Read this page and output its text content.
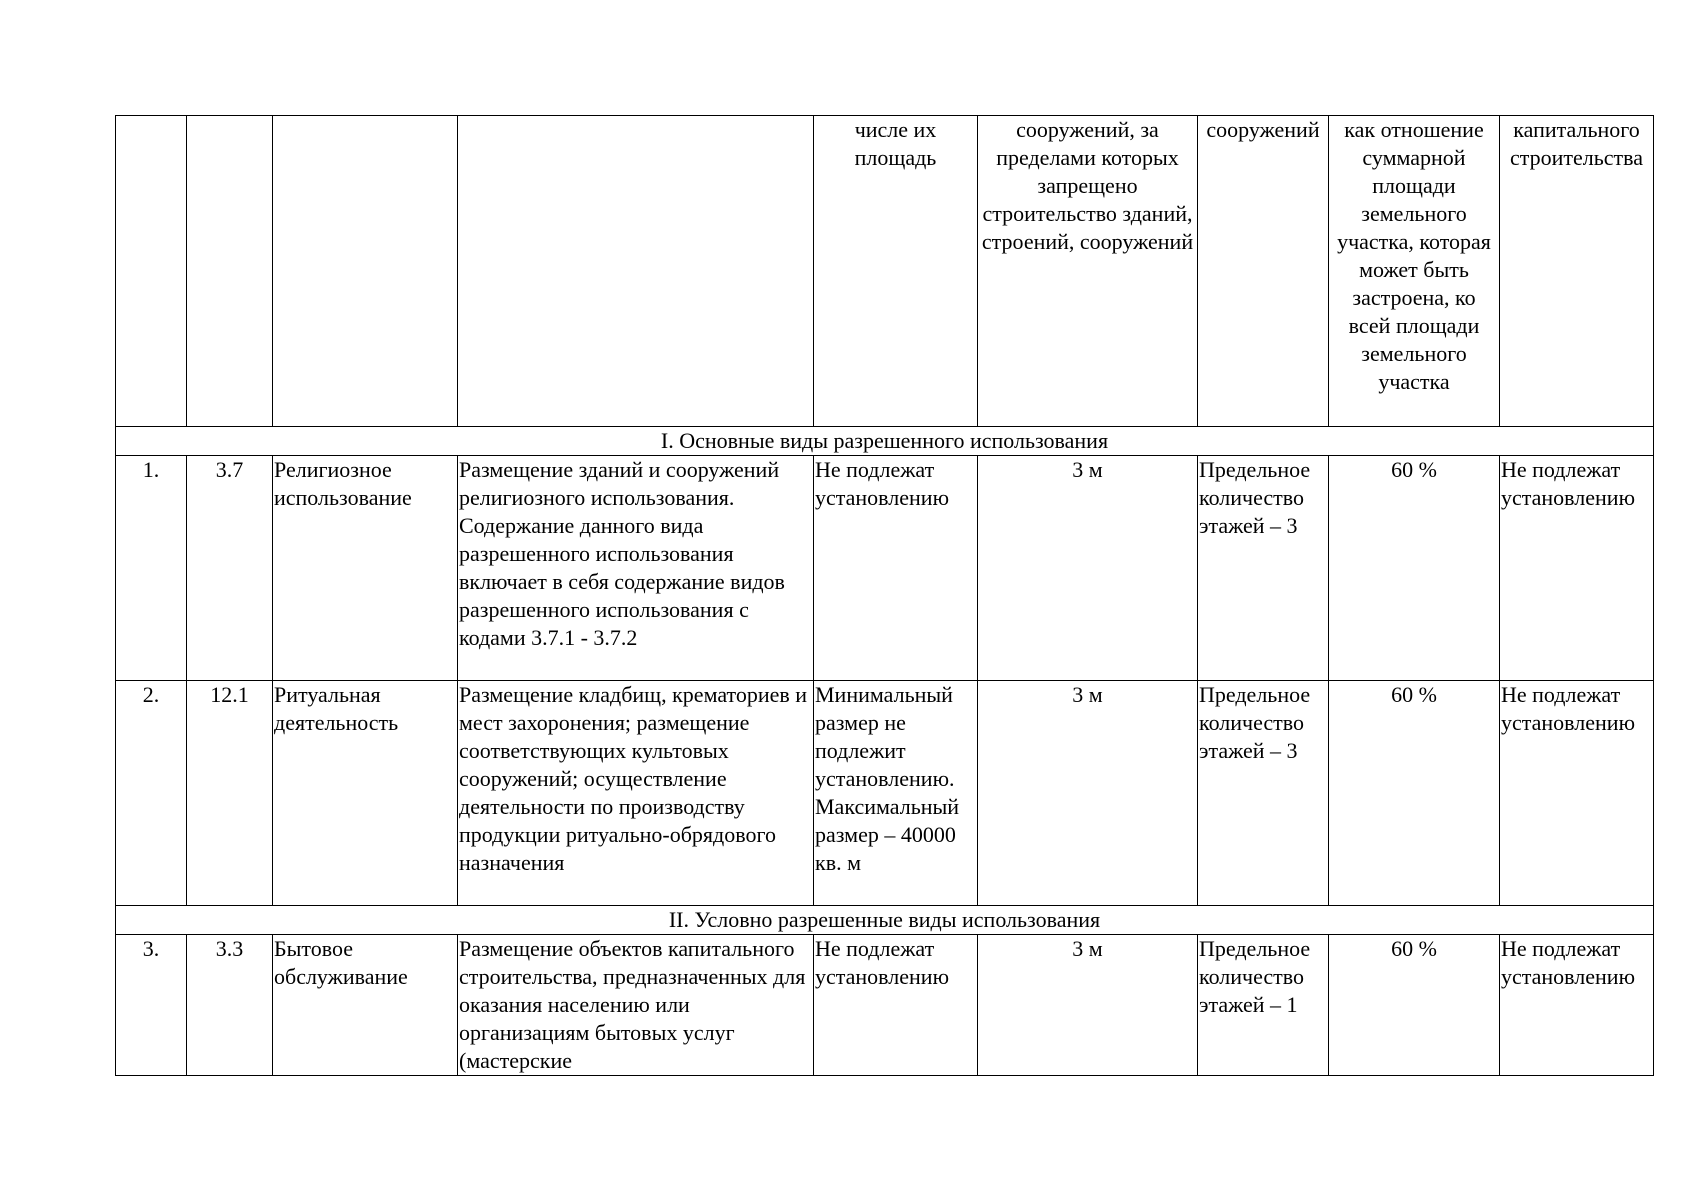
				числе их площадь	сооружений, за пределами которых запрещено строительство зданий, строений, сооружений	сооружений	как отношение суммарной площади земельного участка, которая может быть застроена, ко всей площади земельного участка	капитального строительства
I. Основные виды разрешенного использования								
1.	3.7	Религиозное использование	Размещение зданий и сооружений религиозного использования. Содержание данного вида разрешенного использования включает в себя содержание видов разрешенного использования с кодами 3.7.1 - 3.7.2	Не подлежат установлению	3 м	Предельное количество этажей – 3	60 %	Не подлежат установлению
2.	12.1	Ритуальная деятельность	Размещение кладбищ, крематориев и мест захоронения; размещение соответствующих культовых сооружений; осуществление деятельности по производству продукции ритуально-обрядового назначения	Минимальный размер не подлежит установлению. Максимальный размер – 40000 кв. м	3 м	Предельное количество этажей – 3	60 %	Не подлежат установлению
II. Условно разрешенные виды использования								
3.	3.3	Бытовое обслуживание	Размещение объектов капитального строительства, предназначенных для оказания населению или организациям бытовых услуг (мастерские	Не подлежат установлению	3 м	Предельное количество этажей – 1	60 %	Не подлежат установлению
